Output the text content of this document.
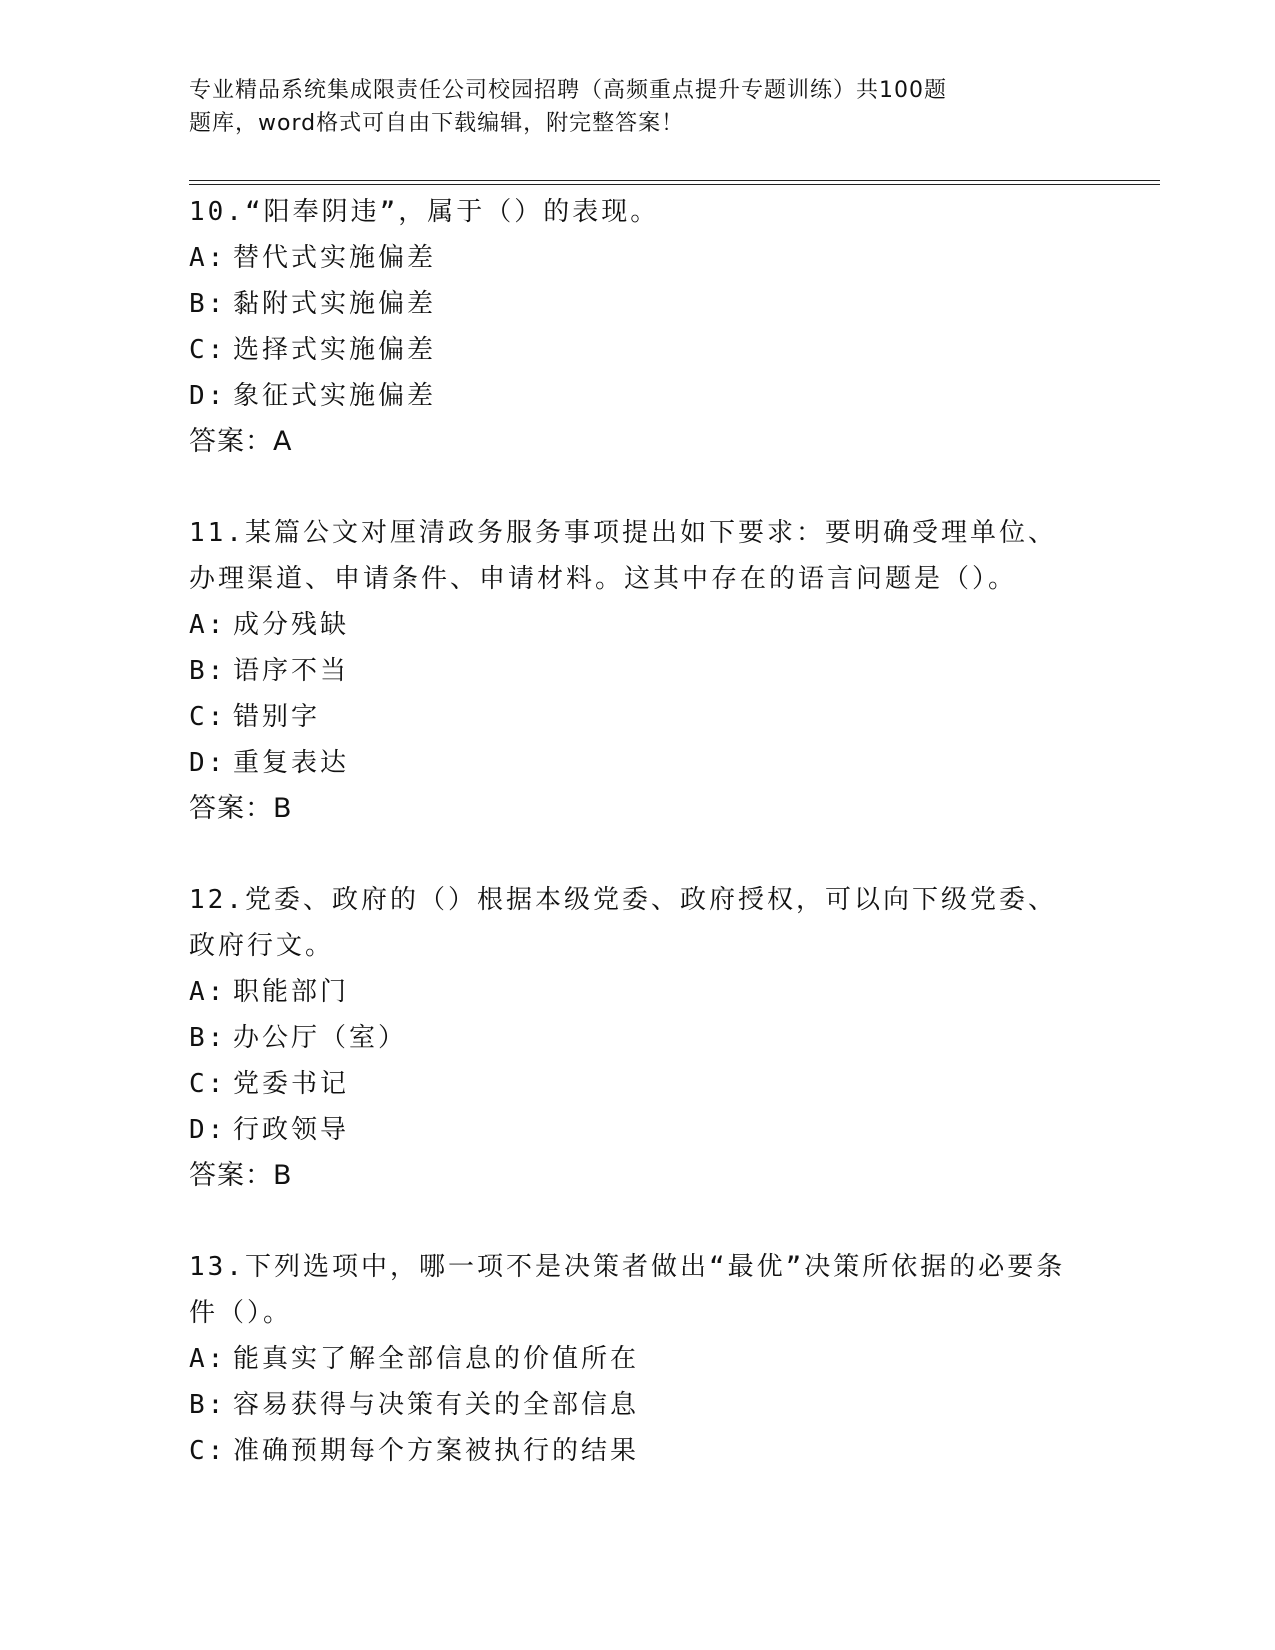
专业精品系统集成限责任公司校园招聘（高频重点提升专题训练）共100题
题库，word格式可自由下载编辑，附完整答案！
10.“阳奉阴违”，属于（）的表现。
A: 替代式实施偏差
B: 黏附式实施偏差
C: 选择式实施偏差
D: 象征式实施偏差
答案：A
11.某篇公文对厘清政务服务事项提出如下要求：要明确受理单位、办理渠道、申请条件、申请材料。这其中存在的语言问题是（）。
A: 成分残缺
B: 语序不当
C: 错别字
D: 重复表达
答案：B
12.党委、政府的（）根据本级党委、政府授权，可以向下级党委、政府行文。
A: 职能部门
B: 办公厅（室）
C: 党委书记
D: 行政领导
答案：B
13.下列选项中，哪一项不是决策者做出“最优”决策所依据的必要条件（）。
A: 能真实了解全部信息的价值所在
B: 容易获得与决策有关的全部信息
C: 准确预期每个方案被执行的结果
